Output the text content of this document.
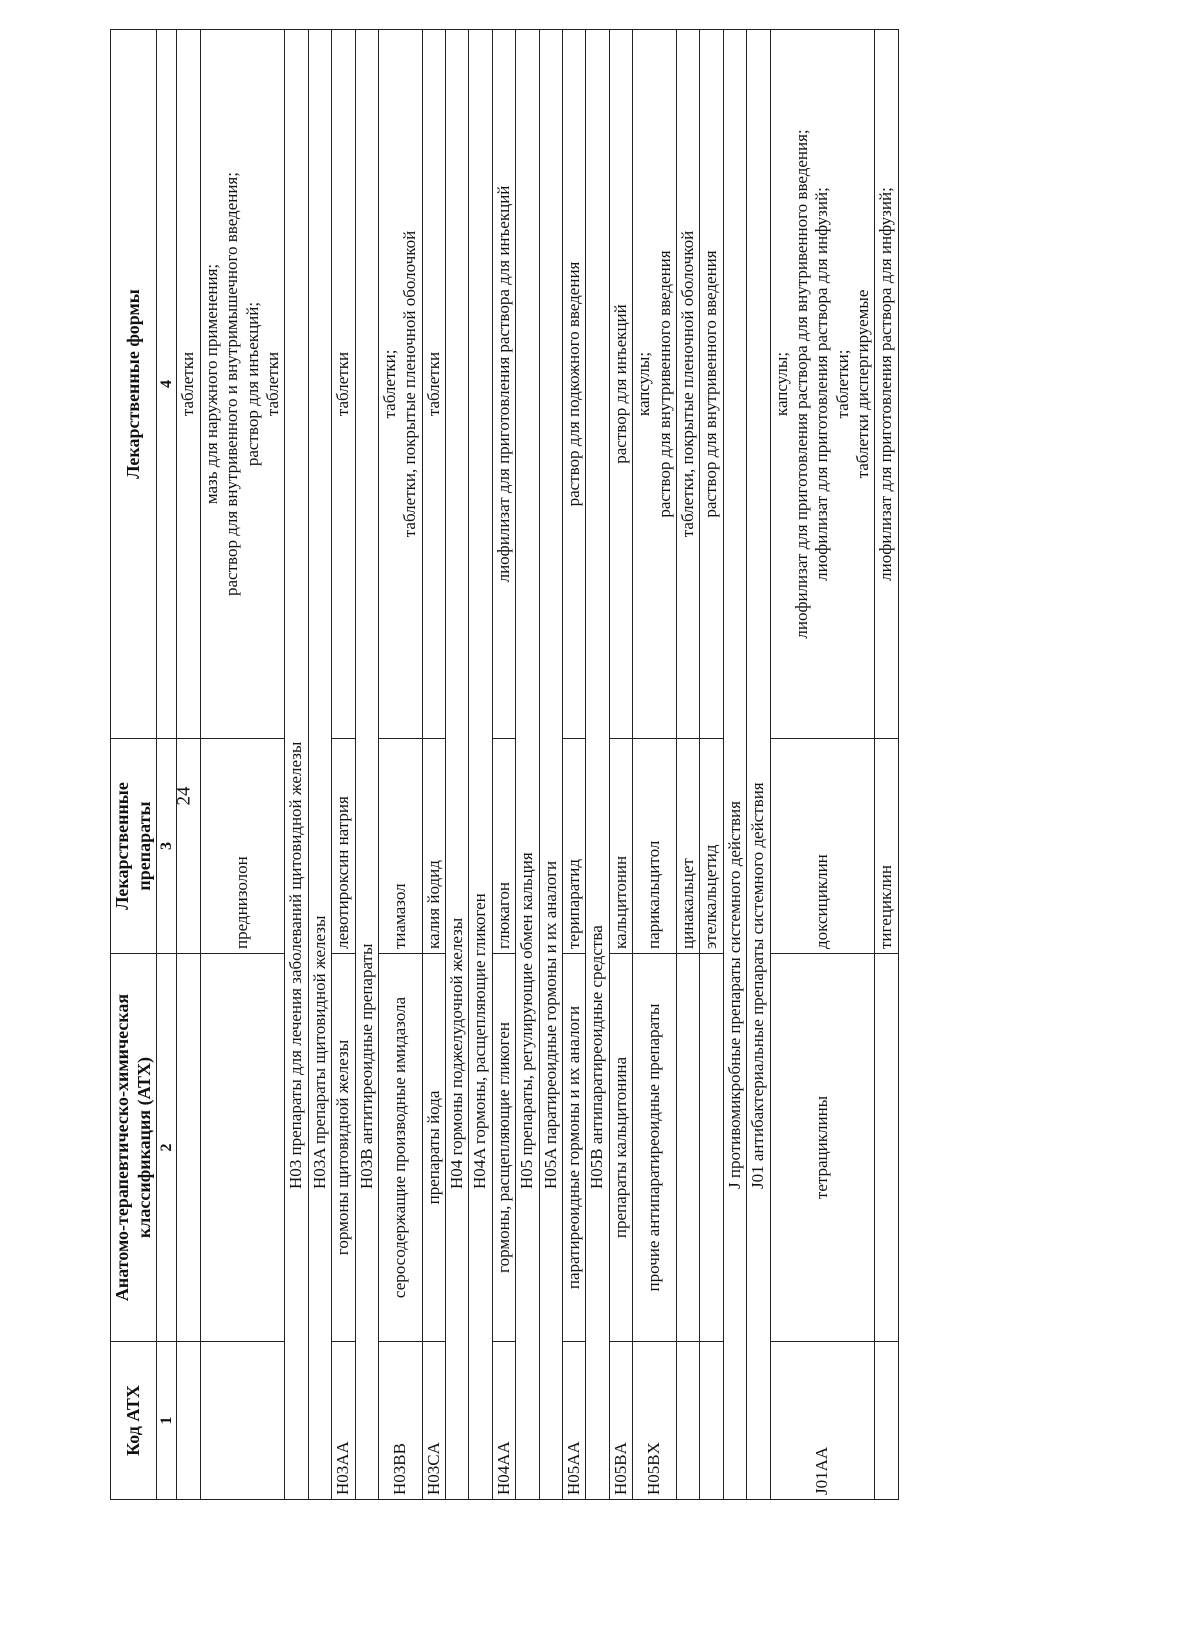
24
Код АТХ	Анатомо-терапевтическо-химическая классификация (АТХ)	Лекарственные препараты	Лекарственные формы
1	2	3	4
			таблетки
		преднизолон	мазь для наружного применения;
раствор для внутривенного и внутримышечного введения;
раствор для инъекций;
таблетки
H03 препараты для лечения заболеваний щитовидной железы			
H03A препараты щитовидной железы			
H03AA	гормоны щитовидной железы	левотироксин натрия	таблетки
H03B антитиреоидные препараты			
H03BB	серосодержащие производные имидазола	тиамазол	таблетки;
таблетки, покрытые пленочной оболочкой
H03CA	препараты йода	калия йодид	таблетки
H04 гормоны поджелудочной железы			
H04A гормоны, расщепляющие гликоген			
H04AA	гормоны, расщепляющие гликоген	глюкагон	лиофилизат для приготовления раствора для инъекций
H05 препараты, регулирующие обмен кальция			
H05A паратиреоидные гормоны и их аналоги			
H05AA	паратиреоидные гормоны и их аналоги	терипаратид	раствор для подкожного введения
H05B антипаратиреоидные средства			
H05BA	препараты кальцитонина	кальцитонин	раствор для инъекций
H05BX	прочие антипаратиреоидные препараты	парикальцитол	капсулы;
раствор для внутривенного введения
		цинакальцет	таблетки, покрытые пленочной оболочкой
		этелкальцетид	раствор для внутривенного введения
J противомикробные препараты системного действия			
J01 антибактериальные препараты системного действия			
J01AA	тетрациклины	доксициклин	капсулы;
лиофилизат для приготовления раствора для внутривенного введения;
лиофилизат для приготовления раствора для инфузий;
таблетки;
таблетки диспергируемые
		тигециклин	лиофилизат для приготовления раствора для инфузий;
